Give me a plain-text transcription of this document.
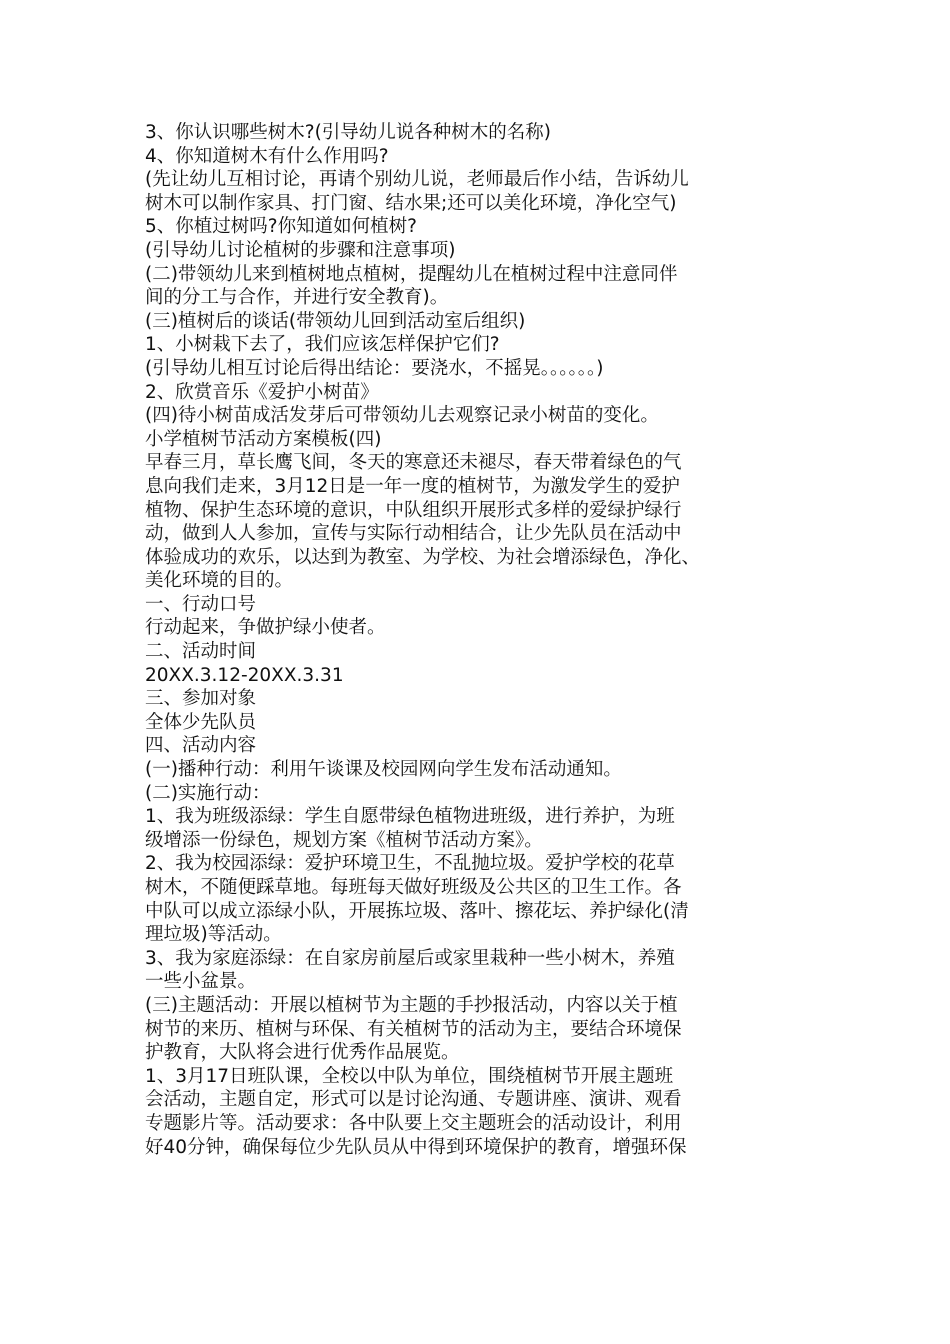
3、你认识哪些树木?(引导幼儿说各种树木的名称)
4、你知道树木有什么作用吗?
(先让幼儿互相讨论，再请个别幼儿说，老师最后作小结，告诉幼儿
树木可以制作家具、打门窗、结水果;还可以美化环境，净化空气)
5、你植过树吗?你知道如何植树?
(引导幼儿讨论植树的步骤和注意事项)
(二)带领幼儿来到植树地点植树，提醒幼儿在植树过程中注意同伴
间的分工与合作，并进行安全教育)。
(三)植树后的谈话(带领幼儿回到活动室后组织)
1、小树栽下去了，我们应该怎样保护它们?
(引导幼儿相互讨论后得出结论：要浇水，不摇晃。。。。。。)
2、欣赏音乐《爱护小树苗》
(四)待小树苗成活发芽后可带领幼儿去观察记录小树苗的变化。
小学植树节活动方案模板(四)
早春三月，草长鹰飞间，冬天的寒意还未褪尽，春天带着绿色的气
息向我们走来，3月12日是一年一度的植树节，为激发学生的爱护
植物、保护生态环境的意识，中队组织开展形式多样的爱绿护绿行
动，做到人人参加，宣传与实际行动相结合，让少先队员在活动中
体验成功的欢乐，以达到为教室、为学校、为社会增添绿色，净化、
美化环境的目的。
一、行动口号
行动起来，争做护绿小使者。
二、活动时间
20XX.3.12-20XX.3.31
三、参加对象
全体少先队员
四、活动内容
(一)播种行动：利用午谈课及校园网向学生发布活动通知。
(二)实施行动：
1、我为班级添绿：学生自愿带绿色植物进班级，进行养护，为班
级增添一份绿色，规划方案《植树节活动方案》。
2、我为校园添绿：爱护环境卫生，不乱抛垃圾。爱护学校的花草
树木，不随便踩草地。每班每天做好班级及公共区的卫生工作。各
中队可以成立添绿小队，开展拣垃圾、落叶、擦花坛、养护绿化(清
理垃圾)等活动。
3、我为家庭添绿：在自家房前屋后或家里栽种一些小树木，养殖
一些小盆景。
(三)主题活动：开展以植树节为主题的手抄报活动，内容以关于植
树节的来历、植树与环保、有关植树节的活动为主，要结合环境保
护教育，大队将会进行优秀作品展览。
1、3月17日班队课，全校以中队为单位，围绕植树节开展主题班
会活动，主题自定，形式可以是讨论沟通、专题讲座、演讲、观看
专题影片等。活动要求：各中队要上交主题班会的活动设计，利用
好40分钟，确保每位少先队员从中得到环境保护的教育，增强环保
